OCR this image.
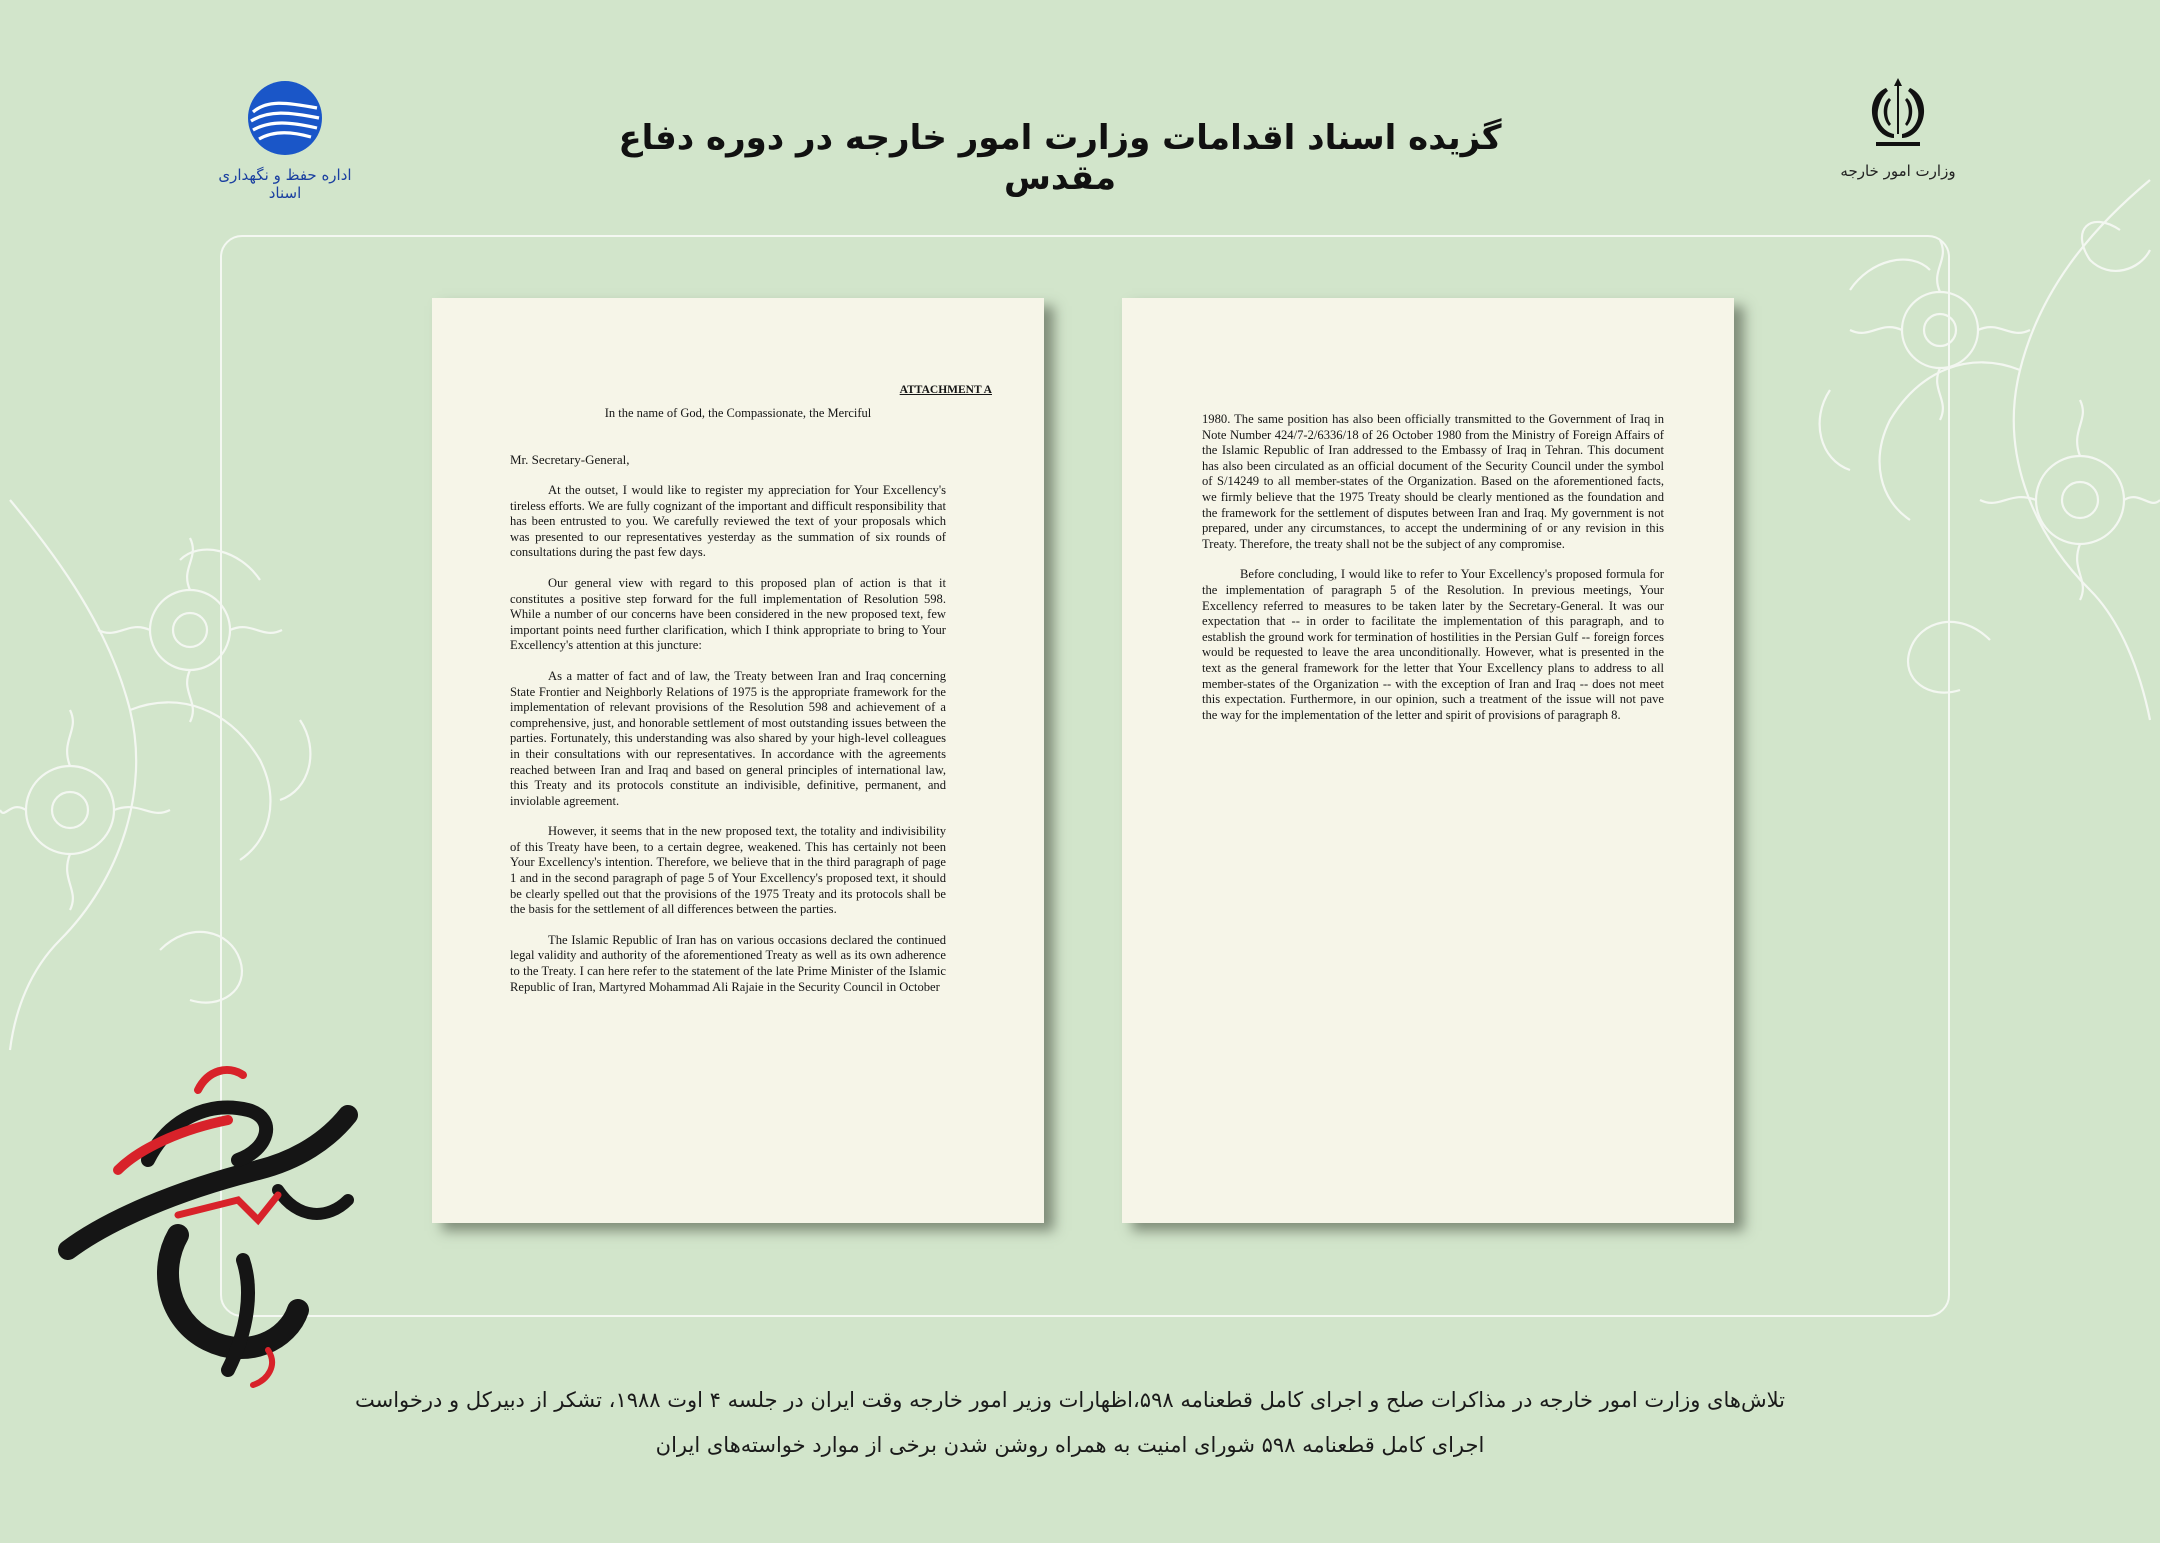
اداره حفظ و نگهداری اسناد
وزارت امور خارجه
گزیده اسناد اقدامات وزارت امور خارجه در دوره دفاع مقدس
ATTACHMENT A
In the name of God, the Compassionate, the Merciful
Mr. Secretary-General,

At the outset, I would like to register my appreciation for Your Excellency's tireless efforts. We are fully cognizant of the important and difficult responsibility that has been entrusted to you. We carefully reviewed the text of your proposals which was presented to our representatives yesterday as the summation of six rounds of consultations during the past few days.

Our general view with regard to this proposed plan of action is that it constitutes a positive step forward for the full implementation of Resolution 598. While a number of our concerns have been considered in the new proposed text, few important points need further clarification, which I think appropriate to bring to Your Excellency's attention at this juncture:

As a matter of fact and of law, the Treaty between Iran and Iraq concerning State Frontier and Neighborly Relations of 1975 is the appropriate framework for the implementation of relevant provisions of the Resolution 598 and achievement of a comprehensive, just, and honorable settlement of most outstanding issues between the parties. Fortunately, this understanding was also shared by your high-level colleagues in their consultations with our representatives. In accordance with the agreements reached between Iran and Iraq and based on general principles of international law, this Treaty and its protocols constitute an indivisible, definitive, permanent, and inviolable agreement.

However, it seems that in the new proposed text, the totality and indivisibility of this Treaty have been, to a certain degree, weakened. This has certainly not been Your Excellency's intention. Therefore, we believe that in the third paragraph of page 1 and in the second paragraph of page 5 of Your Excellency's proposed text, it should be clearly spelled out that the provisions of the 1975 Treaty and its protocols shall be the basis for the settlement of all differences between the parties.

The Islamic Republic of Iran has on various occasions declared the continued legal validity and authority of the aforementioned Treaty as well as its own adherence to the Treaty. I can here refer to the statement of the late Prime Minister of the Islamic Republic of Iran, Martyred Mohammad Ali Rajaie in the Security Council in October

1980. The same position has also been officially transmitted to the Government of Iraq in Note Number 424/7-2/6336/18 of 26 October 1980 from the Ministry of Foreign Affairs of the Islamic Republic of Iran addressed to the Embassy of Iraq in Tehran. This document has also been circulated as an official document of the Security Council under the symbol of S/14249 to all member-states of the Organization. Based on the aforementioned facts, we firmly believe that the 1975 Treaty should be clearly mentioned as the foundation and the framework for the settlement of disputes between Iran and Iraq. My government is not prepared, under any circumstances, to accept the undermining of or any revision in this Treaty. Therefore, the treaty shall not be the subject of any compromise.

Before concluding, I would like to refer to Your Excellency's proposed formula for the implementation of paragraph 5 of the Resolution. In previous meetings, Your Excellency referred to measures to be taken later by the Secretary-General. It was our expectation that -- in order to facilitate the implementation of this paragraph, and to establish the ground work for termination of hostilities in the Persian Gulf -- foreign forces would be requested to leave the area unconditionally. However, what is presented in the text as the general framework for the letter that Your Excellency plans to address to all member-states of the Organization -- with the exception of Iran and Iraq -- does not meet this expectation. Furthermore, in our opinion, such a treatment of the issue will not pave the way for the implementation of the letter and spirit of provisions of paragraph 8.

تلاش‌های وزارت امور خارجه در مذاکرات صلح و اجرای کامل قطعنامه ۵۹۸،اظهارات وزیر امور خارجه وقت ایران در جلسه ۴ اوت ۱۹۸۸، تشکر از دبیرکل و درخواست
اجرای کامل قطعنامه ۵۹۸ شورای امنیت به همراه روشن شدن برخی از موارد خواسته‌های ایران
